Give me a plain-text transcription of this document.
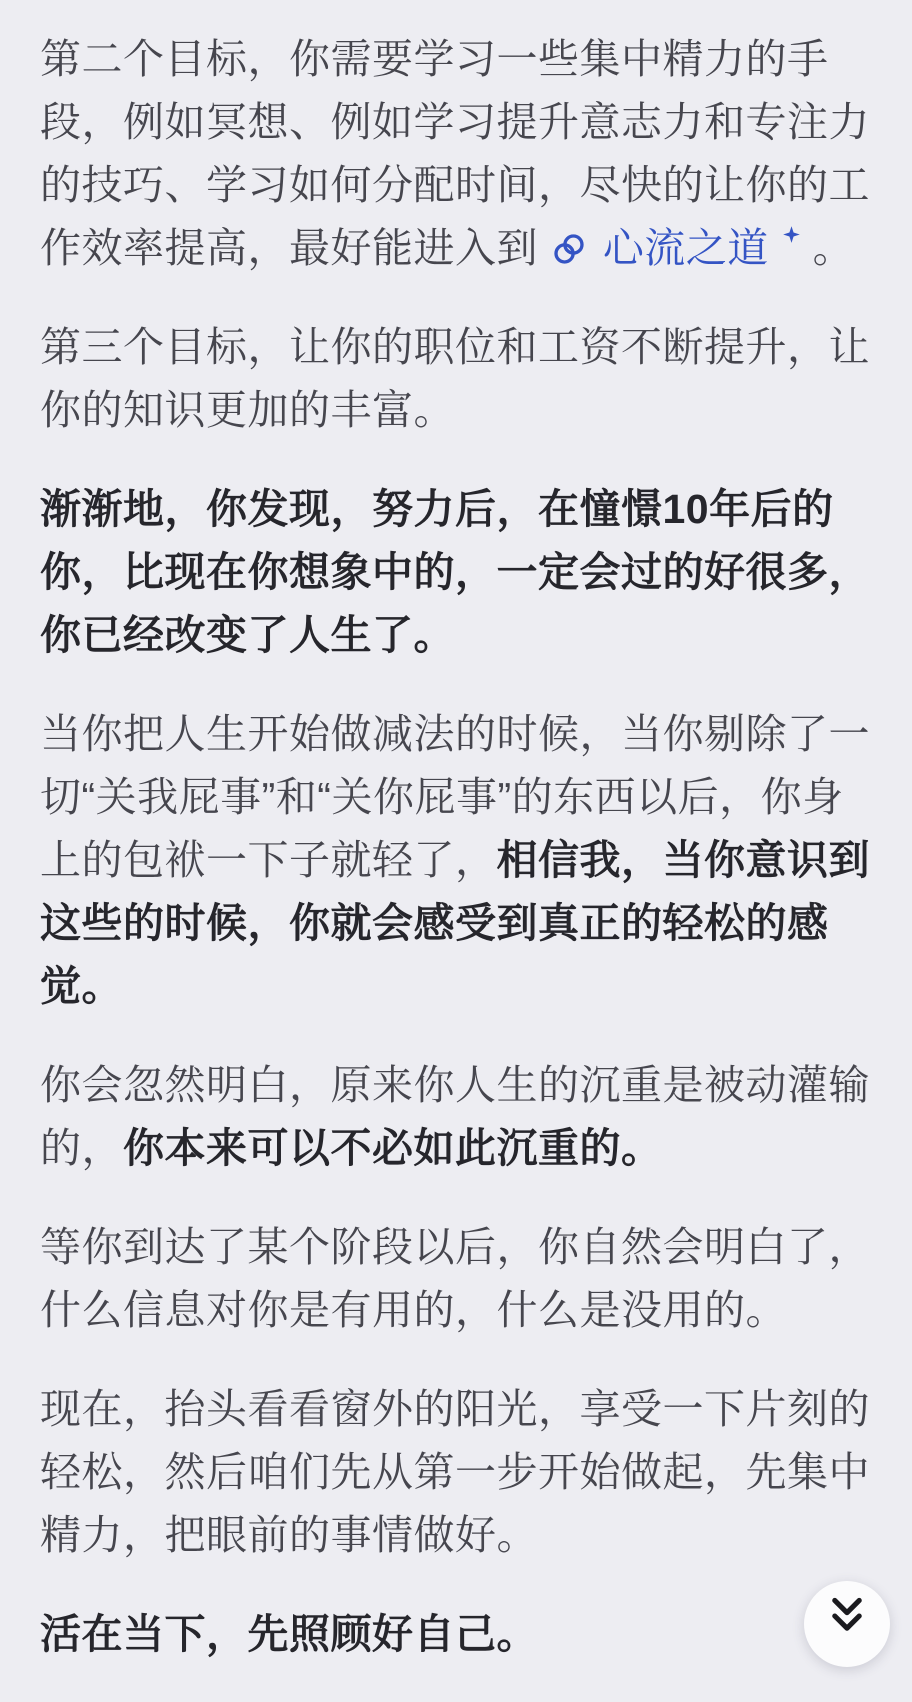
第二个目标，你需要学习一些集中精力的手段，例如冥想、例如学习提升意志力和专注力的技巧、学习如何分配时间，尽快的让你的工作效率提高，最好能进入到 心流之道 。

第三个目标，让你的职位和工资不断提升，让你的知识更加的丰富。

渐渐地，你发现，努力后，在憧憬10年后的你，比现在你想象中的，一定会过的好很多，你已经改变了人生了。

当你把人生开始做减法的时候，当你剔除了一切“关我屁事”和“关你屁事”的东西以后，你身上的包袱一下子就轻了，相信我，当你意识到这些的时候，你就会感受到真正的轻松的感觉。

你会忽然明白，原来你人生的沉重是被动灌输的，你本来可以不必如此沉重的。

等你到达了某个阶段以后，你自然会明白了，什么信息对你是有用的，什么是没用的。

现在，抬头看看窗外的阳光，享受一下片刻的轻松，然后咱们先从第一步开始做起，先集中精力，把眼前的事情做好。

活在当下，先照顾好自己。
